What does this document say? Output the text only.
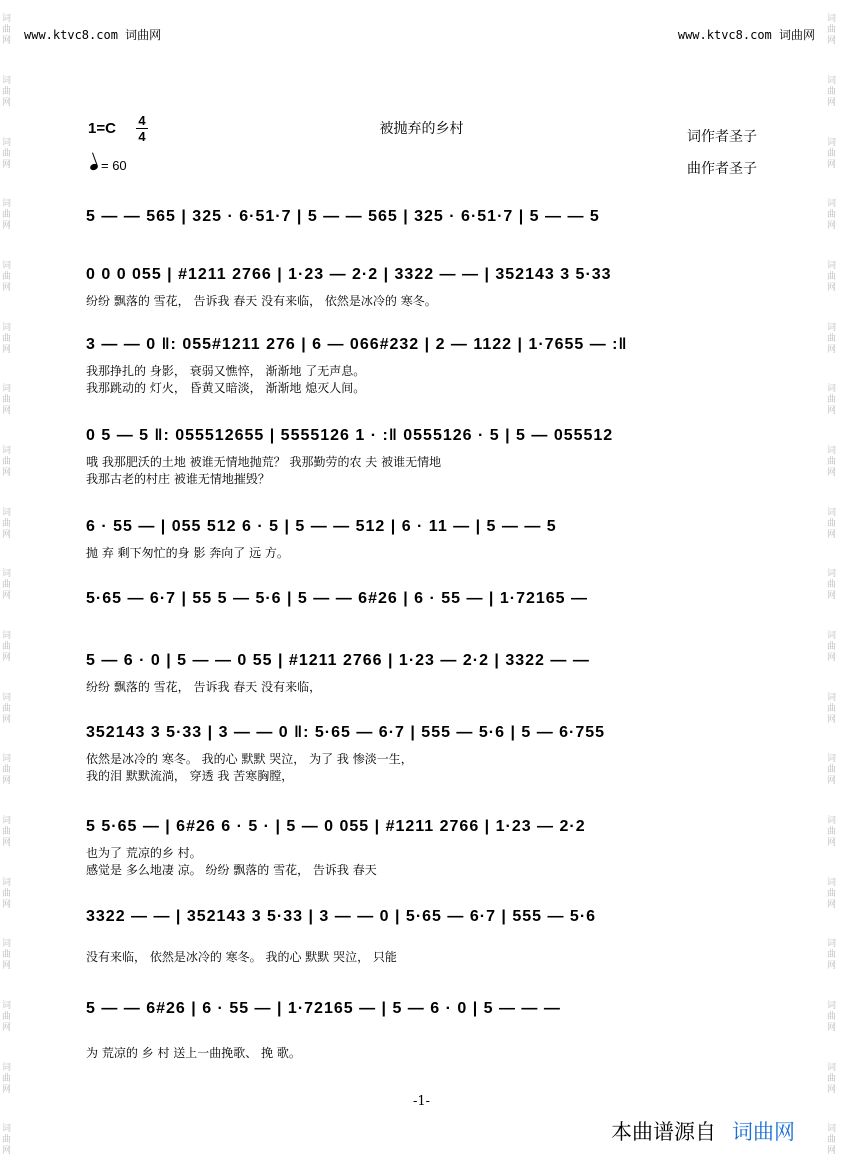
词曲网
词曲网
词曲网
词曲网
词曲网
词曲网
词曲网
词曲网
词曲网
词曲网
词曲网
词曲网
词曲网
词曲网
词曲网
词曲网
词曲网
词曲网
词曲网
词曲网
词曲网
词曲网
词曲网
词曲网
词曲网
词曲网
词曲网
词曲网
词曲网
词曲网
词曲网
词曲网
词曲网
词曲网
词曲网
词曲网
词曲网
词曲网
www.ktvc8.com 词曲网	www.ktvc8.com 词曲网
1=C 4
4
= 60
被抛弃的乡村	词作者圣子
曲作者圣子
5 — — 565 | 325 · 6·51·7 | 5 — — 565 | 325 · 6·51·7 | 5 — — 5
0 0 0 055 | #1211 2766 | 1·23 — 2·2 | 3322 — — | 352143 3 5·33
纷纷 飘落的 雪花， 告诉我 春天 没有来临， 依然是冰冷的 寒冬。
3 — — 0 ‖: 055#1211 276 | 6 — 066#232 | 2 — 1122 | 1·7655 — :‖
我那挣扎的 身影， 衰弱又憔悴， 渐渐地 了无声息。
我那跳动的 灯火， 昏黄又暗淡， 渐渐地 熄灭人间。
0 5 — 5 ‖: 055512655 | 5555126 1 · :‖ 0555126 · 5 | 5 — 055512
哦 我那肥沃的土地 被谁无情地抛荒？ 我那勤劳的农 夫 被谁无情地
我那古老的村庄 被谁无情地摧毁？
6 · 55 — | 055 512 6 · 5 | 5 — — 512 | 6 · 11 — | 5 — — 5
抛 弃 剩下匆忙的身 影 奔向了 远 方。
5·65 — 6·7 | 55 5 — 5·6 | 5 — — 6#26 | 6 · 55 — | 1·72165 —
5 — 6 · 0 | 5 — — 0 55 | #1211 2766 | 1·23 — 2·2 | 3322 — —
纷纷 飘落的 雪花， 告诉我 春天 没有来临，
352143 3 5·33 | 3 — — 0 ‖: 5·65 — 6·7 | 555 — 5·6 | 5 — 6·755
依然是冰冷的 寒冬。 我的心 默默 哭泣， 为了 我 惨淡一生，
我的泪 默默流淌， 穿透 我 苦寒胸膛，
5 5·65 — | 6#26 6 · 5 · | 5 — 0 055 | #1211 2766 | 1·23 — 2·2
也为了 荒凉的乡 村。
感觉是 多么地凄 凉。 纷纷 飘落的 雪花， 告诉我 春天
3322 — — | 352143 3 5·33 | 3 — — 0 | 5·65 — 6·7 | 555 — 5·6
没有来临， 依然是冰冷的 寒冬。 我的心 默默 哭泣， 只能
5 — — 6#26 | 6 · 55 — | 1·72165 — | 5 — 6 · 0 | 5 — — —
为 荒凉的 乡 村 送上一曲挽歌、 挽 歌。
-1-
本曲谱源自 词曲网
